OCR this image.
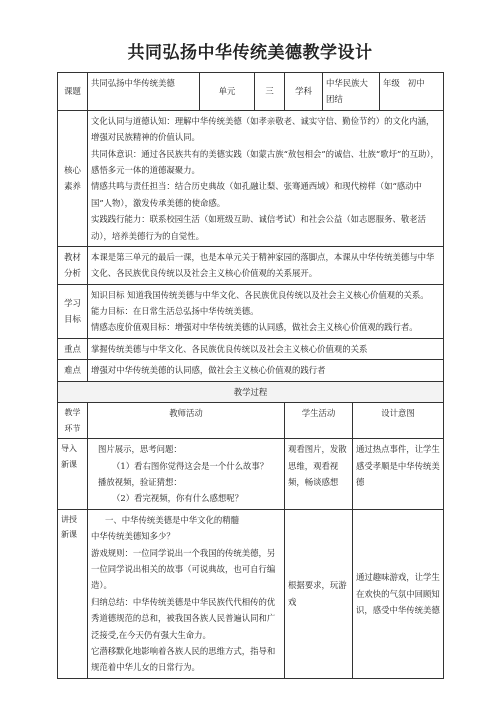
共同弘扬中华传统美德教学设计
课题	共同弘扬中华传统美德	单元	三	学科	中华民族大团结		年级 初中
核心素养	文化认同与道德认知：理解中华传统美德（如孝亲敬老、诚实守信、勤俭节约）的文化内涵，增强对民族精神的价值认同。

共同体意识：通过各民族共有的美德实践（如蒙古族“敖包相会”的诚信、壮族“歌圩”的互助），感悟多元一体的道德凝聚力。

情感共鸣与责任担当：结合历史典故（如孔融让梨、张骞通西域）和现代榜样（如“感动中国”人物），激发传承美德的使命感。

实践践行能力：联系校园生活（如班级互助、诚信考试）和社会公益（如志愿服务、敬老活动），培养美德行为的自觉性。						

教材分析	本课是第三单元的最后一课，也是本单元关于精神家园的落脚点，本课从中华传统美德与中华文化、各民族优良传统以及社会主义核心价值观的关系展开。						
学习目标	知识目标 知道我国传统美德与中华文化、各民族优良传统以及社会主义核心价值观的关系。

能力目标：在日常生活总弘扬中华传统美德。

情感态度价值观目标：增强对中华传统美德的认同感，做社会主义核心价值观的践行者。						

重点	掌握传统美德与中华文化、各民族优良传统以及社会主义核心价值观的关系						
难点	增强对中华传统美德的认同感，做社会主义核心价值观的践行者						
教学过程							
教学环节	教师活动			学生活动		设计意图	
导入新课	图片展示，思考问题：

（1）看右图你觉得这会是一个什么故事？

播放视频，验证猜想：

（2）看完视频，你有什么感想呢？			观看图片，发散思维，观看视频，畅谈感想		通过热点事件，让学生感受孝顺是中华传统美德	
讲授新课	一、中华传统美德是中华文化的精髓

中华传统美德知多少？

游戏规则：一位同学说出一个我国的传统美德，另一位同学说出相关的故事（可说典故，也可自行编造）。

归纳总结：中华传统美德是中华民族代代相传的优秀道德规范的总和，被我国各族人民普遍认同和广泛接受,在今天仍有强大生命力。

它潜移默化地影响着各族人民的思维方式，指导和规范着中华儿女的日常行为。			根据要求，玩游戏		通过趣味游戏，让学生在欢快的气氛中回顾知识，感受中华传统美德	
